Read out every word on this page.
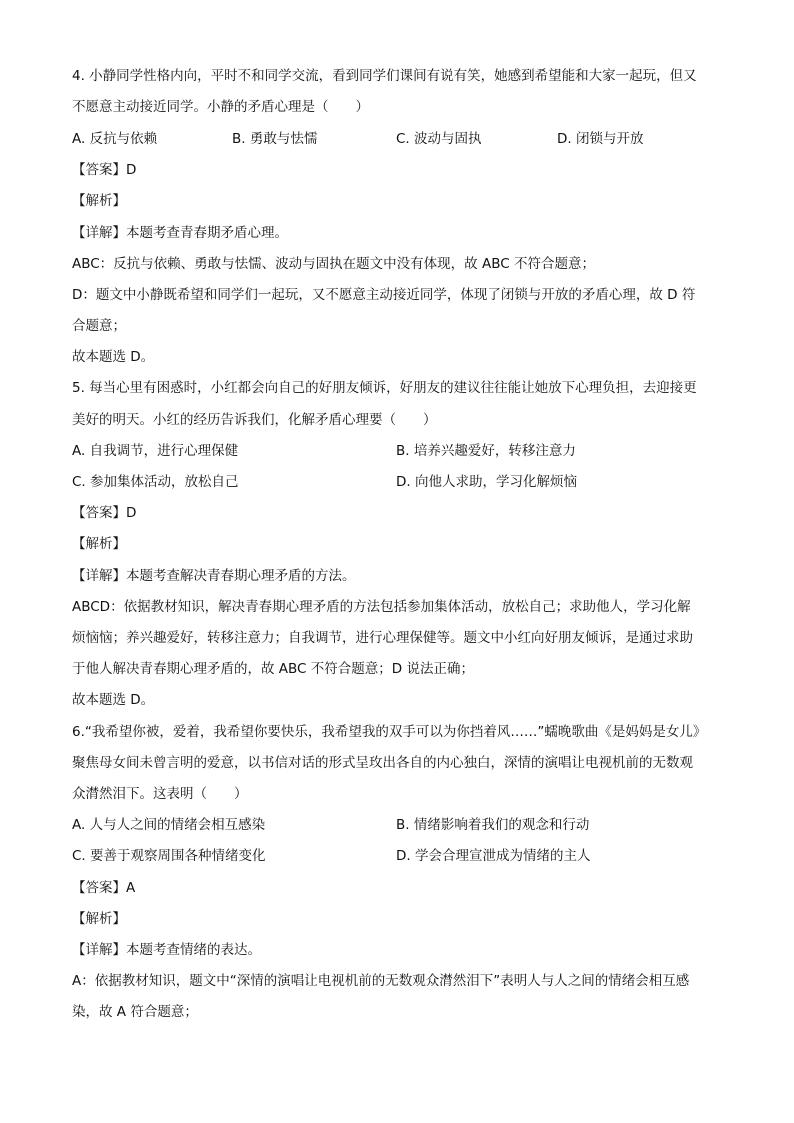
4. 小静同学性格内向，平时不和同学交流，看到同学们课间有说有笑，她感到希望能和大家一起玩，但又
不愿意主动接近同学。小静的矛盾心理是（　　）
A. 反抗与依赖	B. 勇敢与怯懦	C. 波动与固执	D. 闭锁与开放
【答案】D
【解析】
【详解】本题考查青春期矛盾心理。
ABC：反抗与依赖、勇敢与怯懦、波动与固执在题文中没有体现，故 ABC 不符合题意；
D：题文中小静既希望和同学们一起玩，又不愿意主动接近同学，体现了闭锁与开放的矛盾心理，故 D 符
合题意；
故本题选 D。
5. 每当心里有困惑时，小红都会向自己的好朋友倾诉，好朋友的建议往往能让她放下心理负担，去迎接更
美好的明天。小红的经历告诉我们，化解矛盾心理要（　　）
A. 自我调节，进行心理保健	B. 培养兴趣爱好，转移注意力
C. 参加集体活动，放松自己	D. 向他人求助，学习化解烦恼
【答案】D
【解析】
【详解】本题考查解决青春期心理矛盾的方法。
ABCD：依据教材知识，解决青春期心理矛盾的方法包括参加集体活动，放松自己；求助他人，学习化解
烦恼恼；养兴趣爱好，转移注意力；自我调节，进行心理保健等。题文中小红向好朋友倾诉，是通过求助
于他人解决青春期心理矛盾的，故 ABC 不符合题意；D 说法正确；
故本题选 D。
6.“我希望你被，爱着，我希望你要快乐，我希望我的双手可以为你挡着风……”蠕晚歌曲《是妈妈是女儿》
聚焦母女间未曾言明的爱意，以书信对话的形式呈玫出各自的内心独白，深情的演唱让电视机前的无数观
众潸然泪下。这表明（　　）
A. 人与人之间的情绪会相互感染	B. 情绪影响着我们的观念和行动
C. 要善于观察周围各种情绪变化	D. 学会合理宣泄成为情绪的主人
【答案】A
【解析】
【详解】本题考查情绪的表达。
A：依据教材知识，题文中“深情的演唱让电视机前的无数观众潸然泪下”表明人与人之间的情绪会相互感
染，故 A 符合题意；
